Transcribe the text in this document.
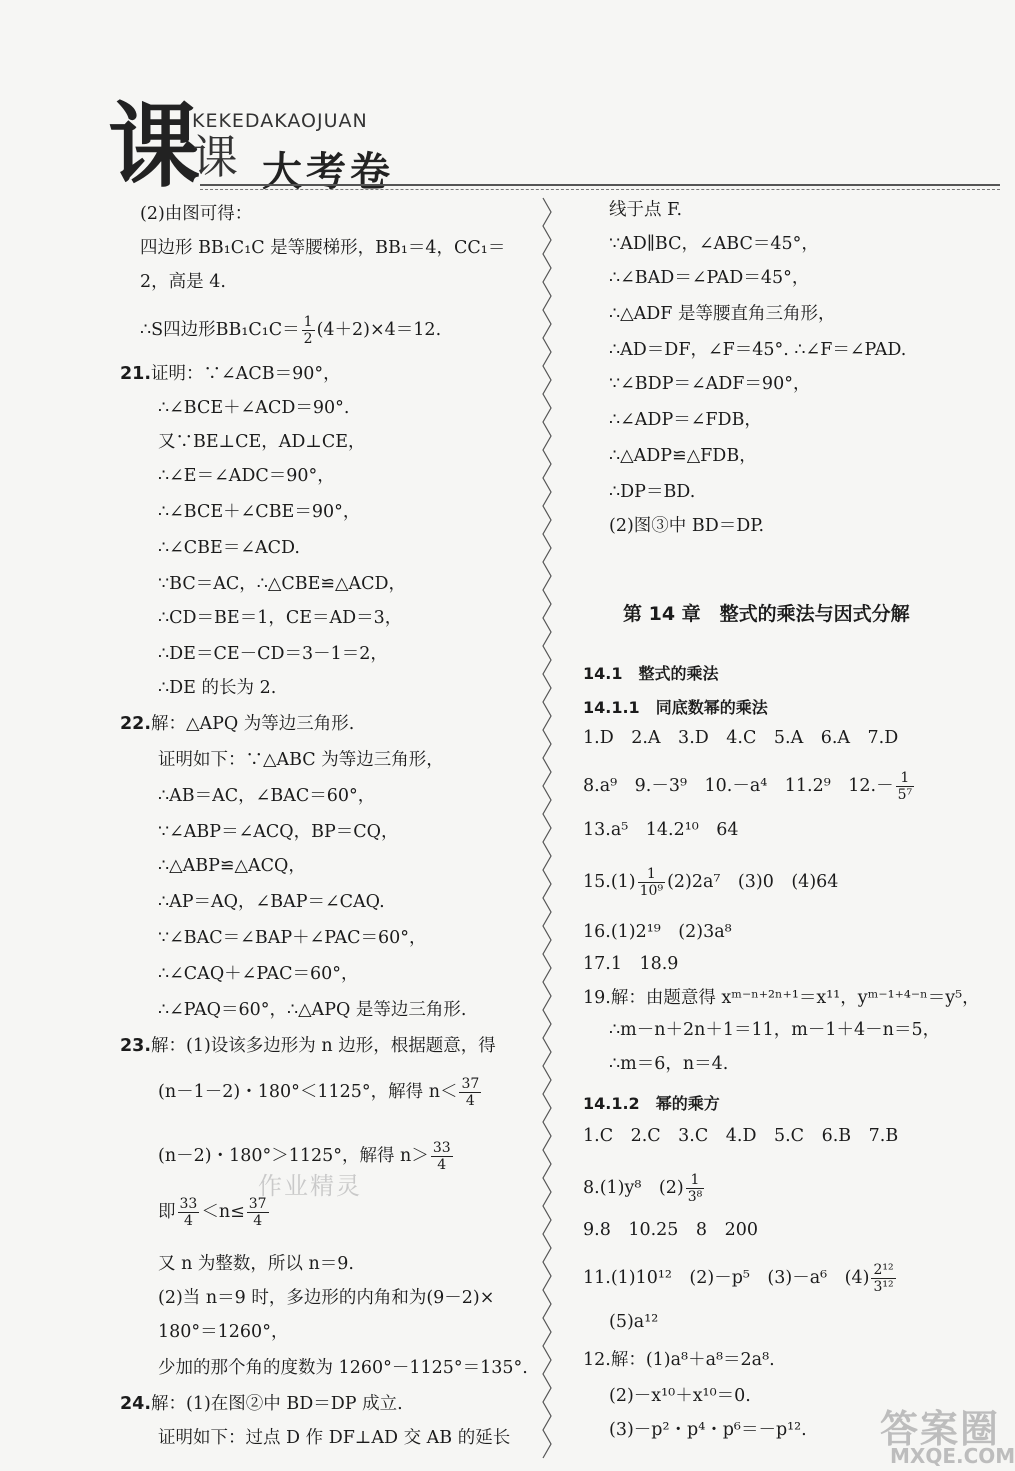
课
KEKEDAKAOJUAN
课 大考卷
(2)由图可得：
四边形 BB₁C₁C 是等腰梯形，BB₁＝4，CC₁＝
2，高是 4.
∴S四边形$BB_1C_1C= \frac{1}{2} (4+2)\times 4=12$.
21.证明：∵∠ACB＝90°，
∴∠BCE＋∠ACD＝90°.
又∵BE⊥CE，AD⊥CE，
∴∠E＝∠ADC＝90°，
∴∠BCE＋∠CBE＝90°，
∴∠CBE＝∠ACD.
∵BC＝AC，∴△CBE≌△ACD，
∴CD＝BE＝1，CE＝AD＝3，
∴DE＝CE－CD＝3－1＝2，
∴DE 的长为 2.
22.解：△APQ 为等边三角形.
证明如下：∵△ABC 为等边三角形，
∴AB＝AC，∠BAC＝60°，
∵∠ABP＝∠ACQ，BP＝CQ，
∴△ABP≌△ACQ，
∴AP＝AQ，∠BAP＝∠CAQ.
∵∠BAC＝∠BAP＋∠PAC＝60°，
∴∠CAQ＋∠PAC＝60°，
∴∠PAQ＝60°，∴△APQ 是等边三角形.
23.解：(1)设该多边形为 n 边形，根据题意，得
(n－1－2)・180°＜1125°，解得 $n< \frac{37}{4}$
(n－2)・180°＞1125°，解得 $n> \frac{33}{4}$
即 $\frac{33}{4} <n\le \frac{37}{4}$
又 n 为整数，所以 n＝9.
(2)当 n＝9 时，多边形的内角和为(9－2)×
180°＝1260°，
少加的那个角的度数为 1260°－1125°＝135°.
24.解：(1)在图②中 BD＝DP 成立.
证明如下：过点 D 作 DF⊥AD 交 AB 的延长
作业精灵
线于点 F.
∵AD∥BC，∠ABC＝45°，
∴∠BAD＝∠PAD＝45°，
∴△ADF 是等腰直角三角形，
∴AD＝DF，∠F＝45°. ∴∠F＝∠PAD.
∵∠BDP＝∠ADF＝90°，
∴∠ADP＝∠FDB，
∴△ADP≌△FDB，
∴DP＝BD.
(2)图③中 BD＝DP.
第 14 章　整式的乘法与因式分解
14.1　整式的乘法
14.1.1　同底数幂的乘法
1.D　2.A　3.D　4.C　5.A　6.A　7.D
8.a⁹　9.－3⁹　10.－a⁴　11.2⁹　$12.- \frac{1}{\text{5⁷}}$
13.a⁵　14.2¹⁰　64
$15.(1) \frac{1}{\text{10⁹}} (2)2a^7$　(3)0　(4)64
16.(1)2¹⁹　(2)3a⁸
17.1　18.9
19.解：由题意得 xᵐ⁻ⁿ⁺²ⁿ⁺¹＝x¹¹，yᵐ⁻¹⁺⁴⁻ⁿ＝y⁵，
∴m－n＋2n＋1＝11，m－1＋4－n＝5，
∴m＝6，n＝4.
14.1.2　幂的乘方
1.C　2.C　3.C　4.D　5.C　6.B　7.B
8.(1)y⁸　$(2) \frac{1}{\text{3⁸}}$
9.8　10.25　8　200
11.(1)10¹²　(2)－p⁵　(3)－a⁶　$(4) \frac{\text{2¹²}}{\text{3¹²}}$
(5)a¹²
12.解：(1)a⁸＋a⁸＝2a⁸.
(2)－x¹⁰＋x¹⁰＝0.
(3)－p²・p⁴・p⁶＝－p¹². 答案圈
MXQE.COM
